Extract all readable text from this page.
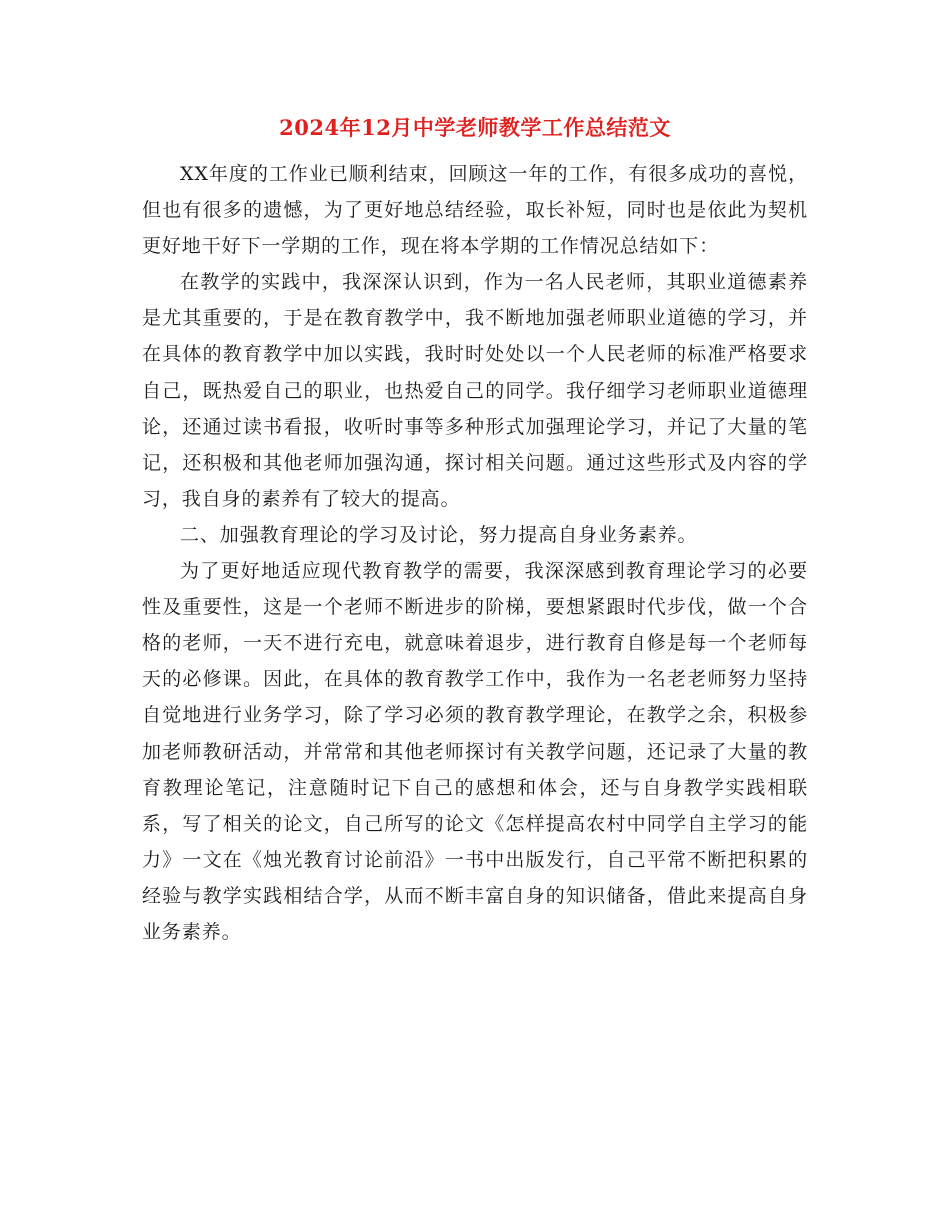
2024年12月中学老师教学工作总结范文

XX年度的工作业已顺利结束，回顾这一年的工作，有很多成功的喜悦，但也有很多的遗憾，为了更好地总结经验，取长补短，同时也是依此为契机更好地干好下一学期的工作，现在将本学期的工作情况总结如下：

在教学的实践中，我深深认识到，作为一名人民老师，其职业道德素养是尤其重要的，于是在教育教学中，我不断地加强老师职业道德的学习，并在具体的教育教学中加以实践，我时时处处以一个人民老师的标准严格要求自己，既热爱自己的职业，也热爱自己的同学。我仔细学习老师职业道德理论，还通过读书看报，收听时事等多种形式加强理论学习，并记了大量的笔记，还积极和其他老师加强沟通，探讨相关问题。通过这些形式及内容的学习，我自身的素养有了较大的提高。

二、加强教育理论的学习及讨论，努力提高自身业务素养。

为了更好地适应现代教育教学的需要，我深深感到教育理论学习的必要性及重要性，这是一个老师不断进步的阶梯，要想紧跟时代步伐，做一个合格的老师，一天不进行充电，就意味着退步，进行教育自修是每一个老师每天的必修课。因此，在具体的教育教学工作中，我作为一名老老师努力坚持自觉地进行业务学习，除了学习必须的教育教学理论，在教学之余，积极参加老师教研活动，并常常和其他老师探讨有关教学问题，还记录了大量的教育教理论笔记，注意随时记下自己的感想和体会，还与自身教学实践相联系，写了相关的论文，自己所写的论文《怎样提高农村中同学自主学习的能力》一文在《烛光教育讨论前沿》一书中出版发行，自己平常不断把积累的经验与教学实践相结合学，从而不断丰富自身的知识储备，借此来提高自身业务素养。
